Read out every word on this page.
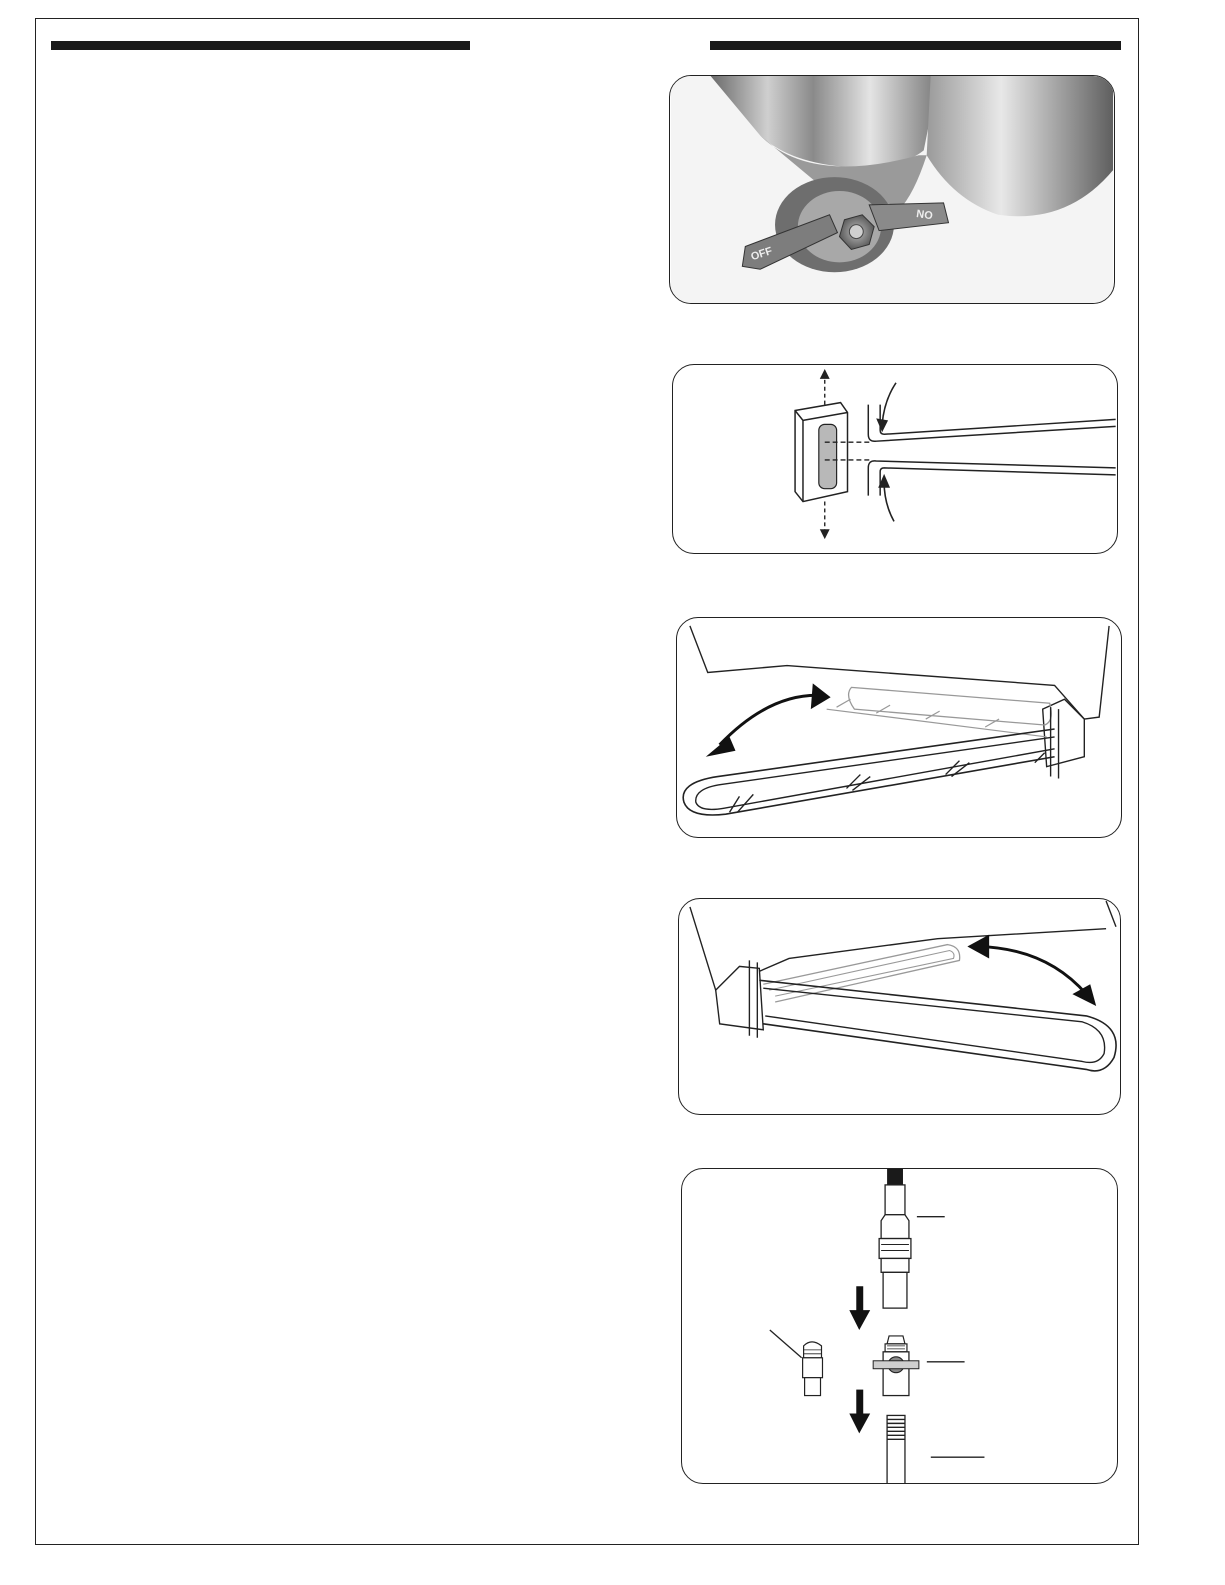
OFF
ON
